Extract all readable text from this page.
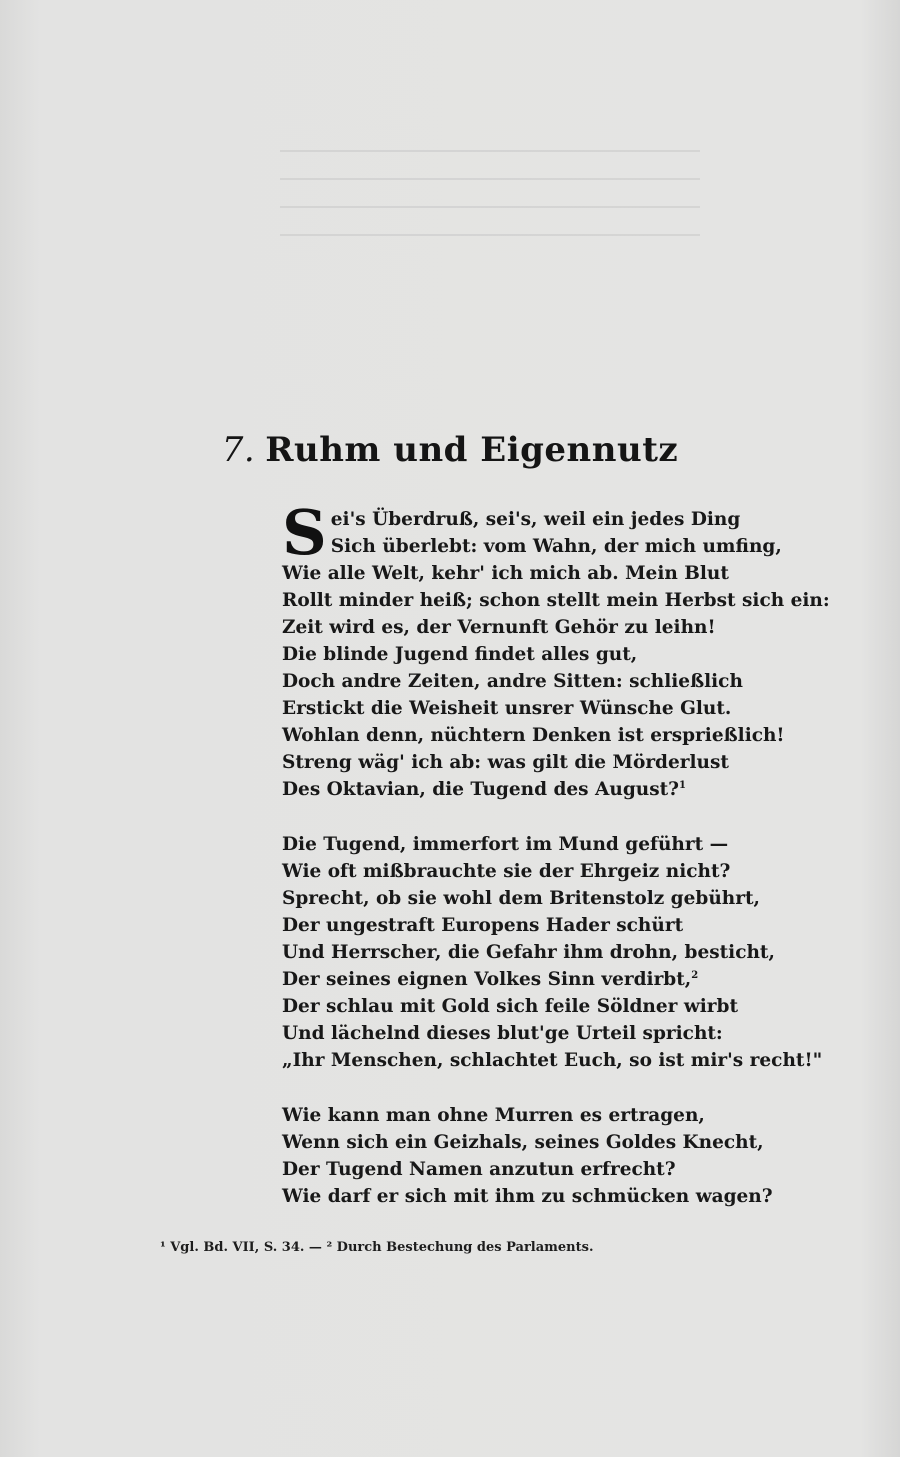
7. Ruhm und Eigennutz
S ei's Überdruß, sei's, weil ein jedes Ding
Sich überlebt: vom Wahn, der mich umfing,
Wie alle Welt, kehr' ich mich ab. Mein Blut
Rollt minder heiß; schon stellt mein Herbst sich ein:
Zeit wird es, der Vernunft Gehör zu leihn!
Die blinde Jugend findet alles gut,
Doch andre Zeiten, andre Sitten: schließlich
Erstickt die Weisheit unsrer Wünsche Glut.
Wohlan denn, nüchtern Denken ist ersprießlich!
Streng wäg' ich ab: was gilt die Mörderlust
Des Oktavian, die Tugend des August?$^1$
Die Tugend, immerfort im Mund geführt —
Wie oft mißbrauchte sie der Ehrgeiz nicht?
Sprecht, ob sie wohl dem Britenstolz gebührt,
Der ungestraft Europens Hader schürt
Und Herrscher, die Gefahr ihm drohn, besticht,
Der seines eignen Volkes Sinn verdirbt,$^2$
Der schlau mit Gold sich feile Söldner wirbt
Und lächelnd dieses blut'ge Urteil spricht:
„Ihr Menschen, schlachtet Euch, so ist mir's recht!"
Wie kann man ohne Murren es ertragen,
Wenn sich ein Geizhals, seines Goldes Knecht,
Der Tugend Namen anzutun erfrecht?
Wie darf er sich mit ihm zu schmücken wagen?
¹ Vgl. Bd. VII, S. 34. — ² Durch Bestechung des Parlaments.
